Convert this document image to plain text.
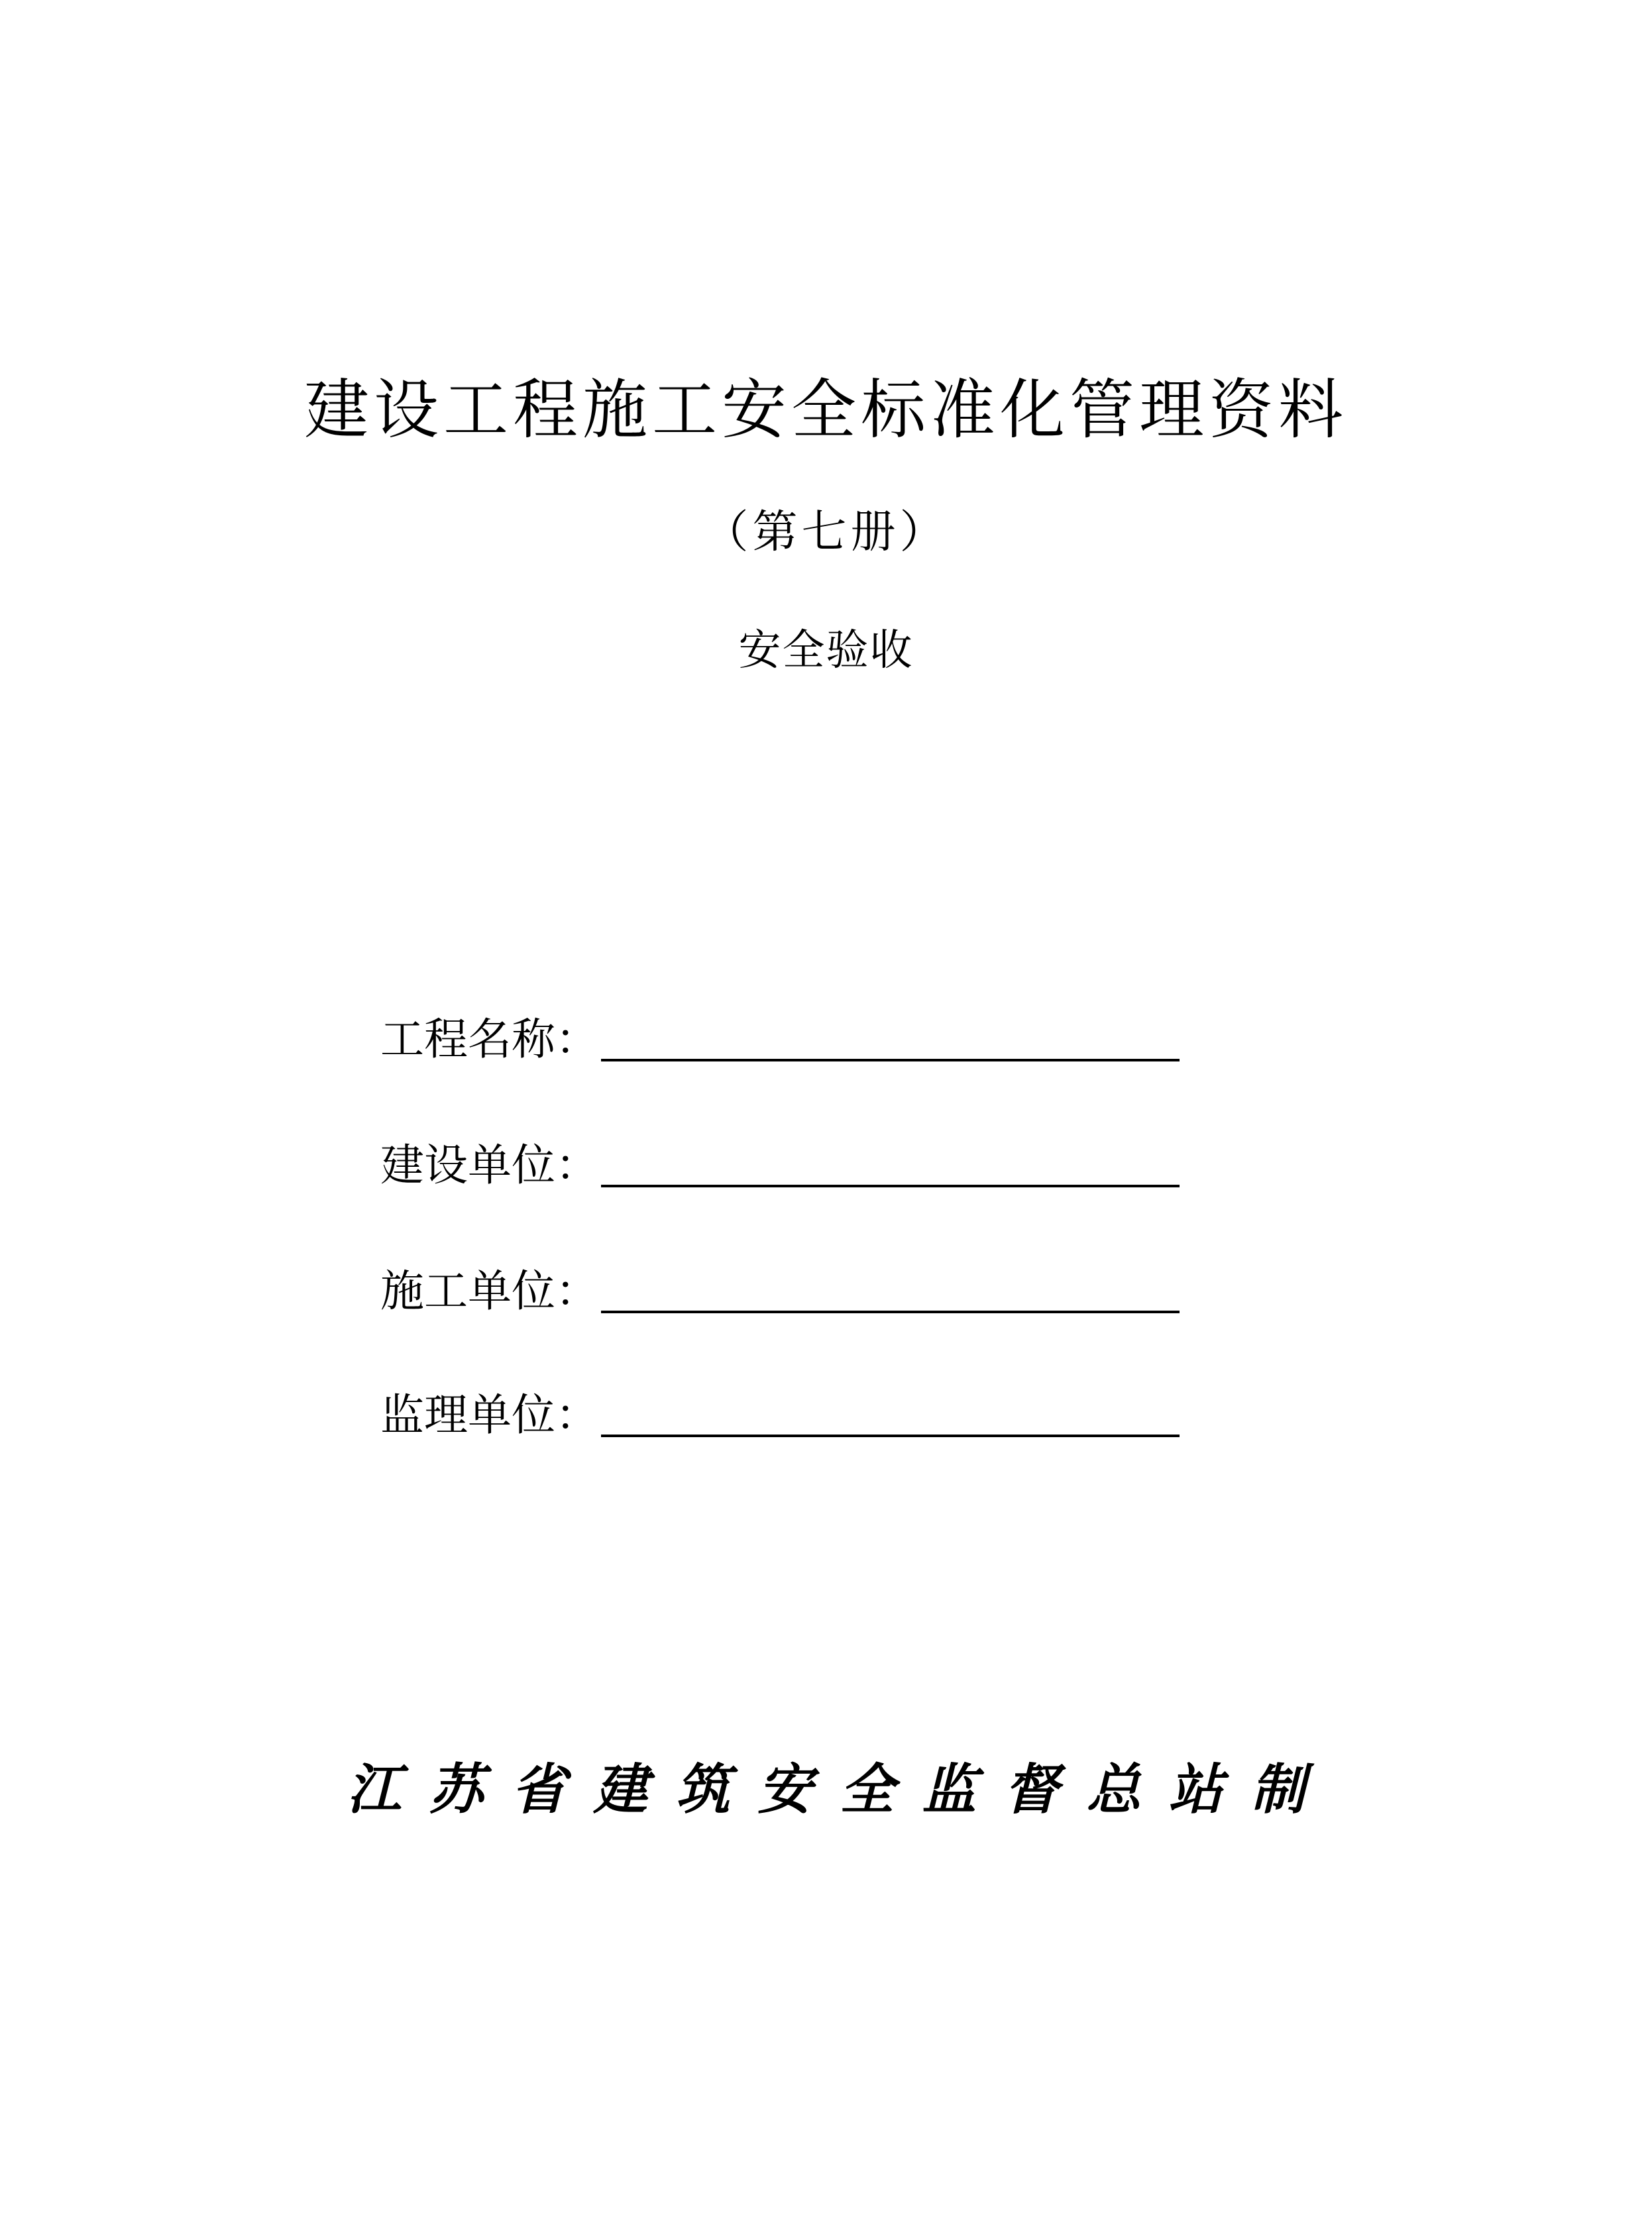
建设工程施工安全标准化管理资料
（第七册）
安全验收
工程名称：
建设单位：
施工单位：
监理单位：
江苏省建筑安全监督总站制
